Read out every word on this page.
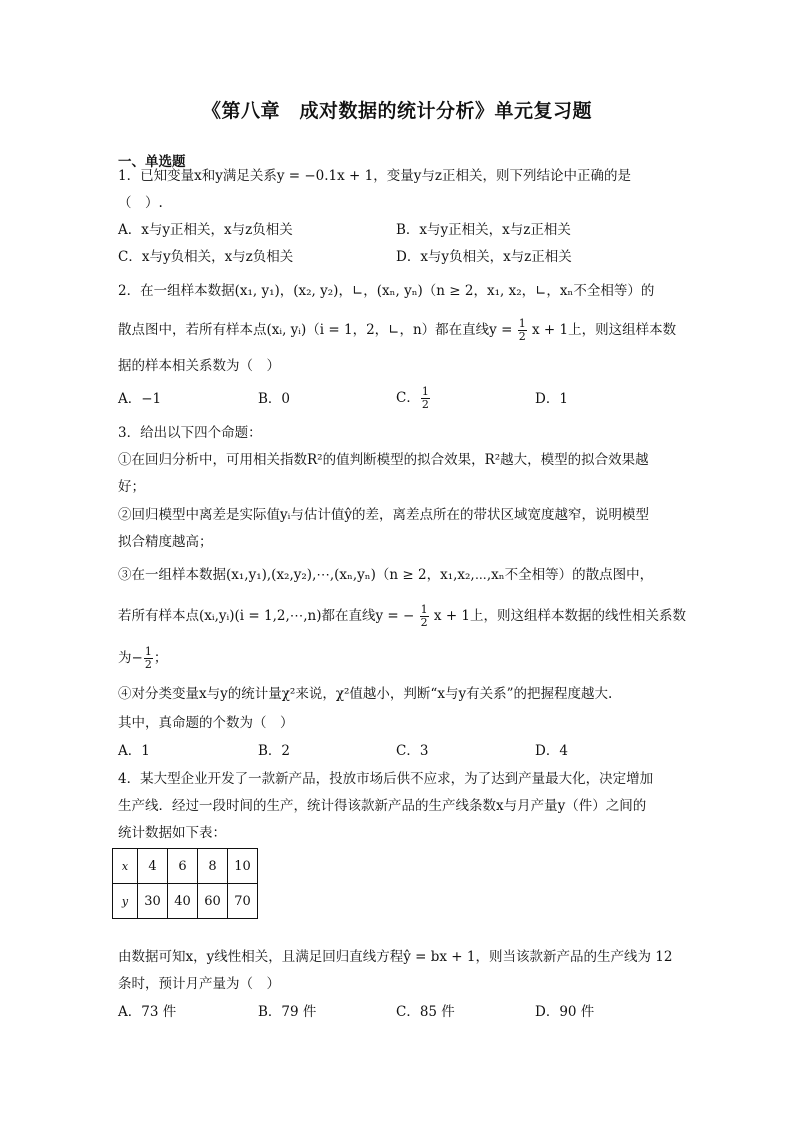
《第八章　成对数据的统计分析》单元复习题
一、单选题
1．已知变量x和y满足关系y = −0.1x + 1，变量y与z正相关，则下列结论中正确的是
（　）.
A．x与y正相关，x与z负相关	B．x与y正相关，x与z正相关
C．x与y负相关，x与z负相关	D．x与y负相关，x与z正相关
2．在一组样本数据(x₁, y₁)，(x₂, y₂)，∟，(xₙ, yₙ)（n ≥ 2，x₁, x₂，∟，xₙ不全相等）的
散点图中，若所有样本点(xᵢ, yᵢ)（i = 1，2，∟，n）都在直线$y = \frac{1}{2}$ x + 1上，则这组样本数
据的样本相关系数为（　）
A．−1	B．0	C． $\frac{1}{2}$	D．1
3．给出以下四个命题：
①在回归分析中，可用相关指数R²的值判断模型的拟合效果，R²越大，模型的拟合效果越
好；
②回归模型中离差是实际值yᵢ与估计值ŷ的差，离差点所在的带状区域宽度越窄，说明模型
拟合精度越高；
③在一组样本数据(x₁,y₁),(x₂,y₂),⋯,(xₙ,yₙ)（n ≥ 2，x₁,x₂,⋯,xₙ不全相等）的散点图中，
若所有样本点(xᵢ,yᵢ)(i = 1,2,⋯,n)都在直线y = − $\frac{1}{2}$ x + 1上，则这组样本数据的线性相关系数
为− $\frac{1}{2}$ ；
④对分类变量x与y的统计量χ²来说，χ²值越小，判断“x与y有关系”的把握程度越大.
其中，真命题的个数为（　）
A．1	B．2	C．3	D．4
4．某大型企业开发了一款新产品，投放市场后供不应求，为了达到产量最大化，决定增加
生产线．经过一段时间的生产，统计得该款新产品的生产线条数x与月产量y（件）之间的
统计数据如下表：
x	4	6	8	10
y	30	40	60	70
由数据可知x，y线性相关，且满足回归直线方程ŷ = bx + 1，则当该款新产品的生产线为 12
条时，预计月产量为（　）
A．73 件	B．79 件	C．85 件	D．90 件
